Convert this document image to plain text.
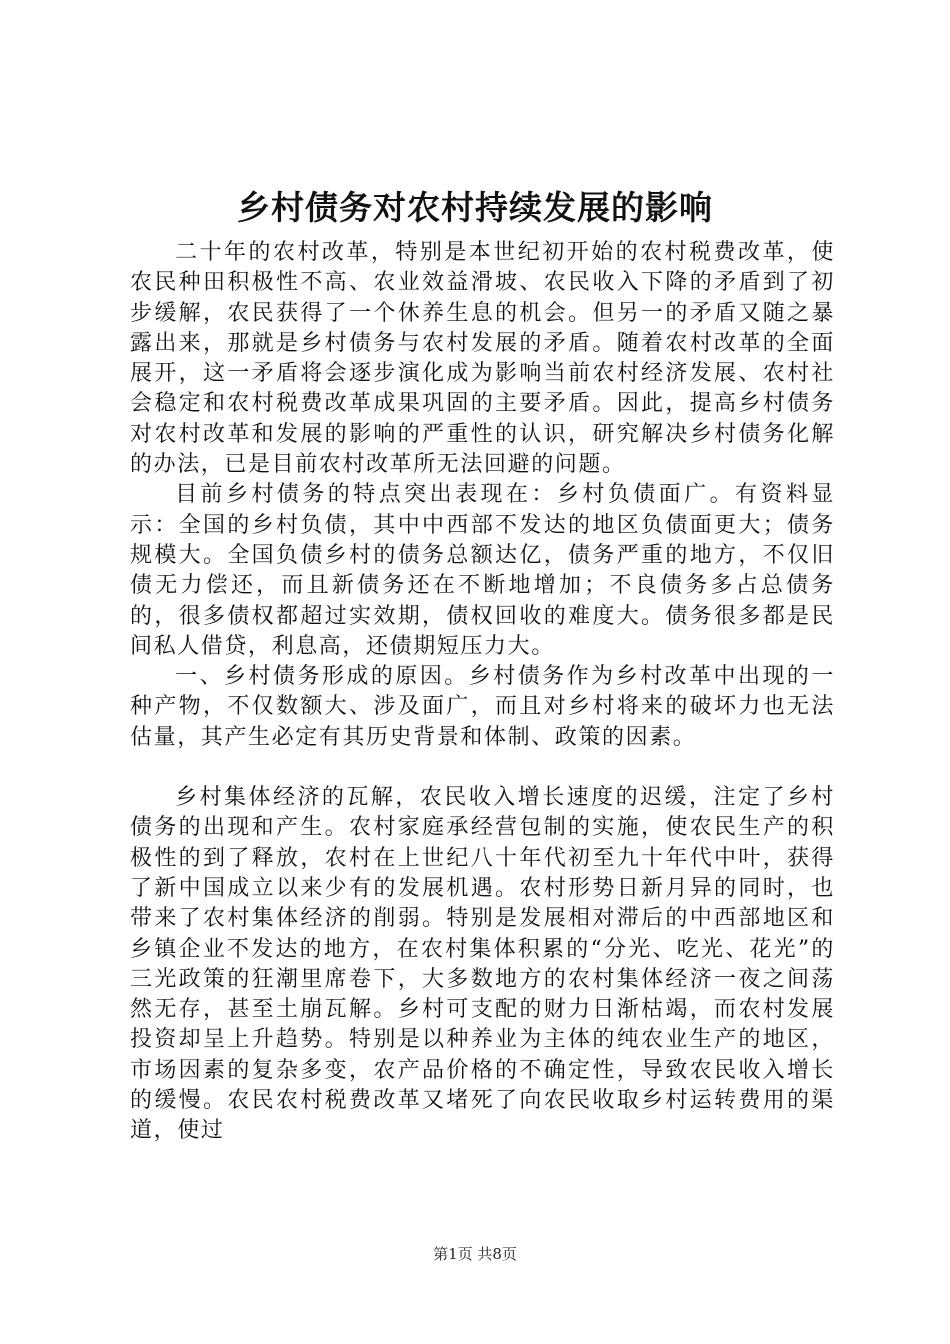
乡村债务对农村持续发展的影响

二十年的农村改革，特别是本世纪初开始的农村税费改革，使农民种田积极性不高、农业效益滑坡、农民收入下降的矛盾到了初步缓解，农民获得了一个休养生息的机会。但另一的矛盾又随之暴露出来，那就是乡村债务与农村发展的矛盾。随着农村改革的全面展开，这一矛盾将会逐步演化成为影响当前农村经济发展、农村社会稳定和农村税费改革成果巩固的主要矛盾。因此，提高乡村债务对农村改革和发展的影响的严重性的认识，研究解决乡村债务化解的办法，已是目前农村改革所无法回避的问题。

目前乡村债务的特点突出表现在：乡村负债面广。有资料显示：全国的乡村负债，其中中西部不发达的地区负债面更大；债务规模大。全国负债乡村的债务总额达亿，债务严重的地方，不仅旧债无力偿还，而且新债务还在不断地增加；不良债务多占总债务的，很多债权都超过实效期，债权回收的难度大。债务很多都是民间私人借贷，利息高，还债期短压力大。

一、乡村债务形成的原因。乡村债务作为乡村改革中出现的一种产物，不仅数额大、涉及面广，而且对乡村将来的破坏力也无法估量，其产生必定有其历史背景和体制、政策的因素。

乡村集体经济的瓦解，农民收入增长速度的迟缓，注定了乡村债务的出现和产生。农村家庭承经营包制的实施，使农民生产的积极性的到了释放，农村在上世纪八十年代初至九十年代中叶，获得了新中国成立以来少有的发展机遇。农村形势日新月异的同时，也带来了农村集体经济的削弱。特别是发展相对滞后的中西部地区和乡镇企业不发达的地方，在农村集体积累的“分光、吃光、花光”的三光政策的狂潮里席卷下，大多数地方的农村集体经济一夜之间荡然无存，甚至土崩瓦解。乡村可支配的财力日渐枯竭，而农村发展投资却呈上升趋势。特别是以种养业为主体的纯农业生产的地区，市场因素的复杂多变，农产品价格的不确定性，导致农民收入增长的缓慢。农民农村税费改革又堵死了向农民收取乡村运转费用的渠道，使过

第1页 共8页
